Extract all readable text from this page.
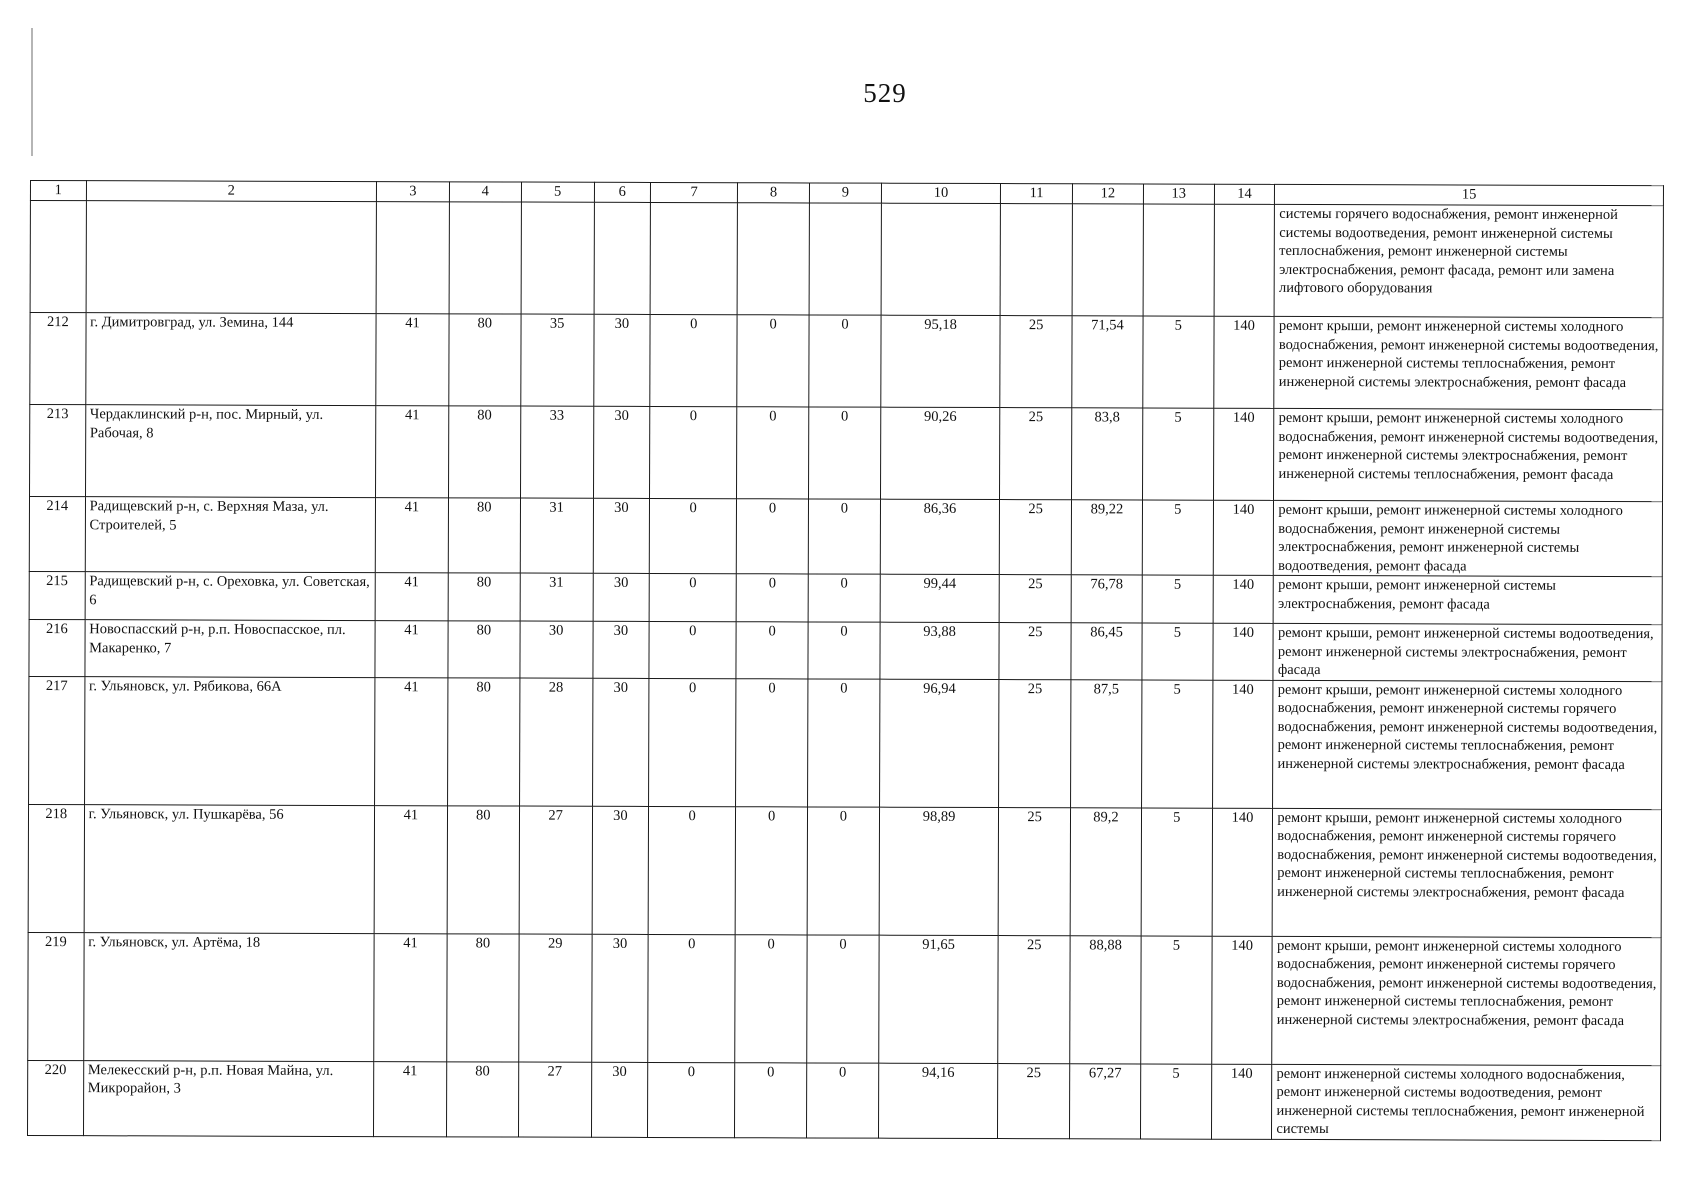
529
1	2	3	4	5	6	7	8	9	10	11	12	13	14	15
														системы горячего водоснабжения, ремонт инженерной системы водоотведения, ремонт инженерной системы теплоснабжения, ремонт инженерной системы электроснабжения, ремонт фасада, ремонт или замена лифтового оборудования
212	г. Димитровград, ул. Земина, 144	41	80	35	30	0	0	0	95,18	25	71,54	5	140	ремонт крыши, ремонт инженерной системы холодного водоснабжения, ремонт инженерной системы водоотведения, ремонт инженерной системы теплоснабжения, ремонт инженерной системы электроснабжения, ремонт фасада
213	Чердаклинский р-н, пос. Мирный, ул. Рабочая, 8	41	80	33	30	0	0	0	90,26	25	83,8	5	140	ремонт крыши, ремонт инженерной системы холодного водоснабжения, ремонт инженерной системы водоотведения, ремонт инженерной системы электроснабжения, ремонт инженерной системы теплоснабжения, ремонт фасада
214	Радищевский р-н, с. Верхняя Маза, ул. Строителей, 5	41	80	31	30	0	0	0	86,36	25	89,22	5	140	ремонт крыши, ремонт инженерной системы холодного водоснабжения, ремонт инженерной системы электроснабжения, ремонт инженерной системы водоотведения, ремонт фасада
215	Радищевский р-н, с. Ореховка, ул. Советская, 6	41	80	31	30	0	0	0	99,44	25	76,78	5	140	ремонт крыши, ремонт инженерной системы электроснабжения, ремонт фасада
216	Новоспасский р-н, р.п. Новоспасское, пл. Макаренко, 7	41	80	30	30	0	0	0	93,88	25	86,45	5	140	ремонт крыши, ремонт инженерной системы водоотведения, ремонт инженерной системы электроснабжения, ремонт фасада
217	г. Ульяновск, ул. Рябикова, 66А	41	80	28	30	0	0	0	96,94	25	87,5	5	140	ремонт крыши, ремонт инженерной системы холодного водоснабжения, ремонт инженерной системы горячего водоснабжения, ремонт инженерной системы водоотведения, ремонт инженерной системы теплоснабжения, ремонт инженерной системы электроснабжения, ремонт фасада
218	г. Ульяновск, ул. Пушкарёва, 56	41	80	27	30	0	0	0	98,89	25	89,2	5	140	ремонт крыши, ремонт инженерной системы холодного водоснабжения, ремонт инженерной системы горячего водоснабжения, ремонт инженерной системы водоотведения, ремонт инженерной системы теплоснабжения, ремонт инженерной системы электроснабжения, ремонт фасада
219	г. Ульяновск, ул. Артёма, 18	41	80	29	30	0	0	0	91,65	25	88,88	5	140	ремонт крыши, ремонт инженерной системы холодного водоснабжения, ремонт инженерной системы горячего водоснабжения, ремонт инженерной системы водоотведения, ремонт инженерной системы теплоснабжения, ремонт инженерной системы электроснабжения, ремонт фасада
220	Мелекесский р-н, р.п. Новая Майна, ул. Микрорайон, 3	41	80	27	30	0	0	0	94,16	25	67,27	5	140	ремонт инженерной системы холодного водоснабжения, ремонт инженерной системы водоотведения, ремонт инженерной системы теплоснабжения, ремонт инженерной системы
